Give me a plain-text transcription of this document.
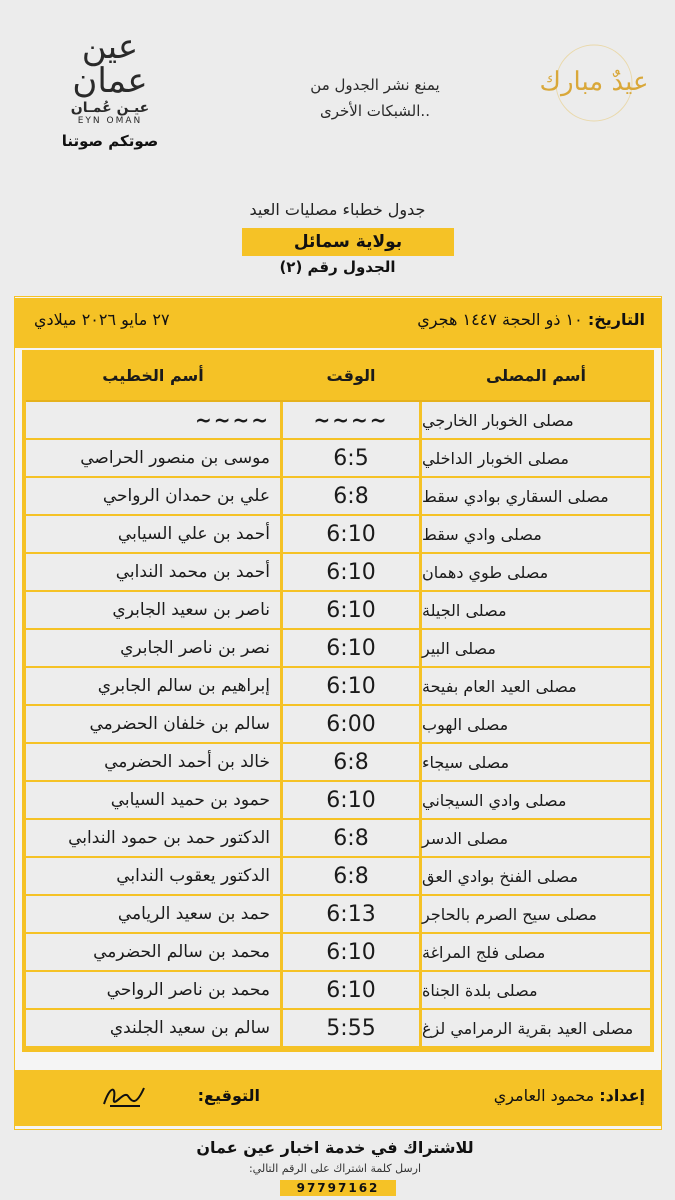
عيدٌ مبارك
يمنع نشر الجدول من
الشبكات الأخرى..
عين عمان
عيـن عُمـان
EYN OMAN
صوتكم صوتنا
جدول خطباء مصليات العيد
بولاية سمائل
الجدول رقم (٢)
التاريخ: ١٠ ذو الحجة ١٤٤٧ هجري
٢٧ مايو ٢٠٢٦ ميلادي
أسم المصلى
الوقت
أسم الخطيب
مصلى الخوبار الخارجي
~~~~
~~~~
مصلى الخوبار الداخلي
6:5
موسى بن منصور الحراصي
مصلى السقاري بوادي سقط
6:8
علي بن حمدان الرواحي
مصلى وادي سقط
6:10
أحمد بن علي السيابي
مصلى طوي دهمان
6:10
أحمد بن محمد الندابي
مصلى الجيلة
6:10
ناصر بن سعيد الجابري
مصلى البير
6:10
نصر بن ناصر الجابري
مصلى العيد العام بفيحة
6:10
إبراهيم بن سالم الجابري
مصلى الهوب
6:00
سالم بن خلفان الحضرمي
مصلى سيجاء
6:8
خالد بن أحمد الحضرمي
مصلى وادي السيجاني
6:10
حمود بن حميد السيابي
مصلى الدسر
6:8
الدكتور حمد بن حمود الندابي
مصلى الفنخ بوادي العق
6:8
الدكتور يعقوب الندابي
مصلى سيح الصرم بالحاجر
6:13
حمد بن سعيد الريامي
مصلى فلج المراغة
6:10
محمد بن سالم الحضرمي
مصلى بلدة الجناة
6:10
محمد بن ناصر الرواحي
مصلى العيد بقرية الرمرامي لزغ
5:55
سالم بن سعيد الجلندي
إعداد: محمود العامري
التوقيع:
للاشتراك في خدمة اخبار عين عمان
ارسل كلمة اشتراك على الرقم التالي:
97797162
